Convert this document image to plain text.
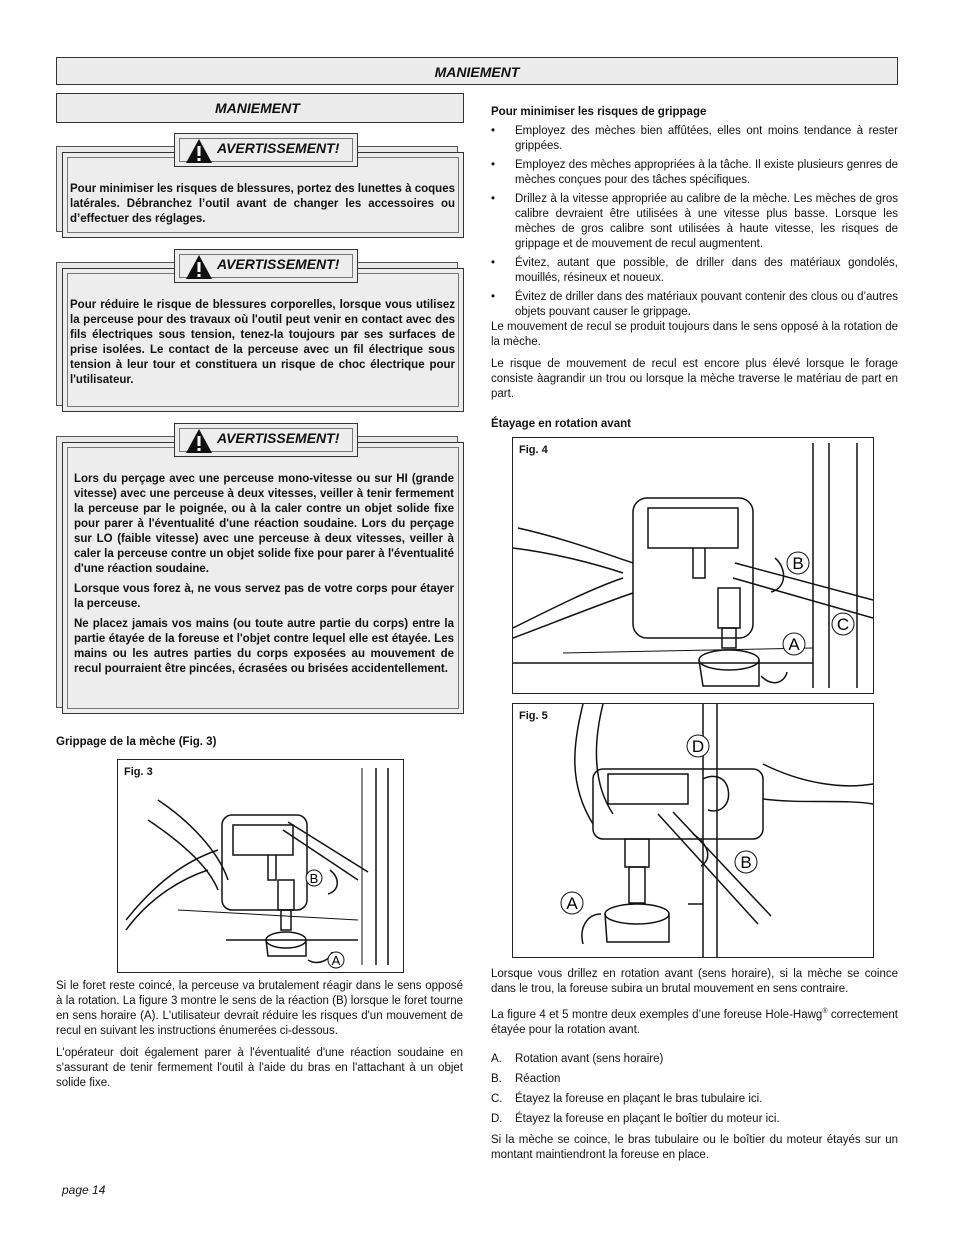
MANIEMENT
MANIEMENT
AVERTISSEMENT!

Pour minimiser les risques de blessures, portez des lunettes à coques latérales. Débranchez l’outil avant de changer les accessoires ou d’effectuer des réglages.

AVERTISSEMENT!

Pour réduire le risque de blessures corporelles, lorsque vous utilisez la perceuse pour des travaux où l'outil peut venir en contact avec des fils électriques sous tension, tenez-la toujours par ses surfaces de prise isolées. Le contact de la perceuse avec un fil électrique sous tension à leur tour et constituera un risque de choc électrique pour l'utilisateur.

AVERTISSEMENT!

Lors du perçage avec une perceuse mono-vitesse ou sur HI (grande vitesse) avec une perceuse à deux vitesses, veiller à tenir fermement la perceuse par le poignée, ou à la caler contre un objet solide fixe pour parer à l'éventualité d'une réaction soudaine. Lors du perçage sur LO (faible vitesse) avec une perceuse à deux vitesses, veiller à caler la perceuse contre un objet solide fixe pour parer à l'éventualité d'une réaction soudaine.

Lorsque vous forez à, ne vous servez pas de votre corps pour étayer la perceuse.

Ne placez jamais vos mains (ou toute autre partie du corps) entre la partie étayée de la foreuse et l'objet contre lequel elle est étayée. Les mains ou les autres parties du corps exposées au mouvement de recul pourraient être pincées, écrasées ou brisées accidentellement.

Grippage de la mèche (Fig. 3)
Fig. 3
B
A

Si le foret reste coincé, la perceuse va brutalement réagir dans le sens opposé à la rotation. La figure 3 montre le sens de la réaction (B) lorsque le foret tourne en sens horaire (A). L'utilisateur devrait réduire les risques d'un mouvement de recul en suivant les instructions énumerées ci-dessous.

L'opérateur doit également parer à l'éventualité d'une réaction soudaine en s'assurant de tenir fermement l'outil à l'aide du bras en l'attachant à un objet solide fixe.

Pour minimiser les risques de grippage
• Employez des mèches bien affûtées, elles ont moins tendance à rester grippées.
• Employez des mèches appropriées à la tâche. Il existe plusieurs genres de mèches conçues pour des tâches spécifiques.
• Drillez à la vitesse appropriée au calibre de la mèche. Les mèches de gros calibre devraient être utilisées à une vitesse plus basse. Lorsque les mèches de gros calibre sont utilisées à haute vitesse, les risques de grippage et de mouvement de recul augmentent.
• Évitez, autant que possible, de driller dans des matériaux gondolés, mouillés, résineux et noueux.
• Évitez de driller dans des matériaux pouvant contenir des clous ou d’autres objets pouvant causer le grippage.

Le mouvement de recul se produit toujours dans le sens opposé à la rotation de la mèche.

Le risque de mouvement de recul est encore plus élevé lorsque le forage consiste àagrandir un trou ou lorsque la mèche traverse le matériau de part en part.

Étayage en rotation avant
Fig. 4
B
C
A
Fig. 5
D
B
A

Lorsque vous drillez en rotation avant (sens horaire), si la mèche se coince dans le trou, la foreuse subira un brutal mouvement en sens contraire.

La figure 4 et 5 montre deux exemples d’une foreuse Hole-Hawg® correctement étayée pour la rotation avant.

A. Rotation avant (sens horaire)
B. Réaction
C. Étayez la foreuse en plaçant le bras tubulaire ici.
D. Étayez la foreuse en plaçant le boîtier du moteur ici.

Si la mèche se coince, le bras tubulaire ou le boîtier du moteur étayés sur un montant maintiendront la foreuse en place.

page 14
